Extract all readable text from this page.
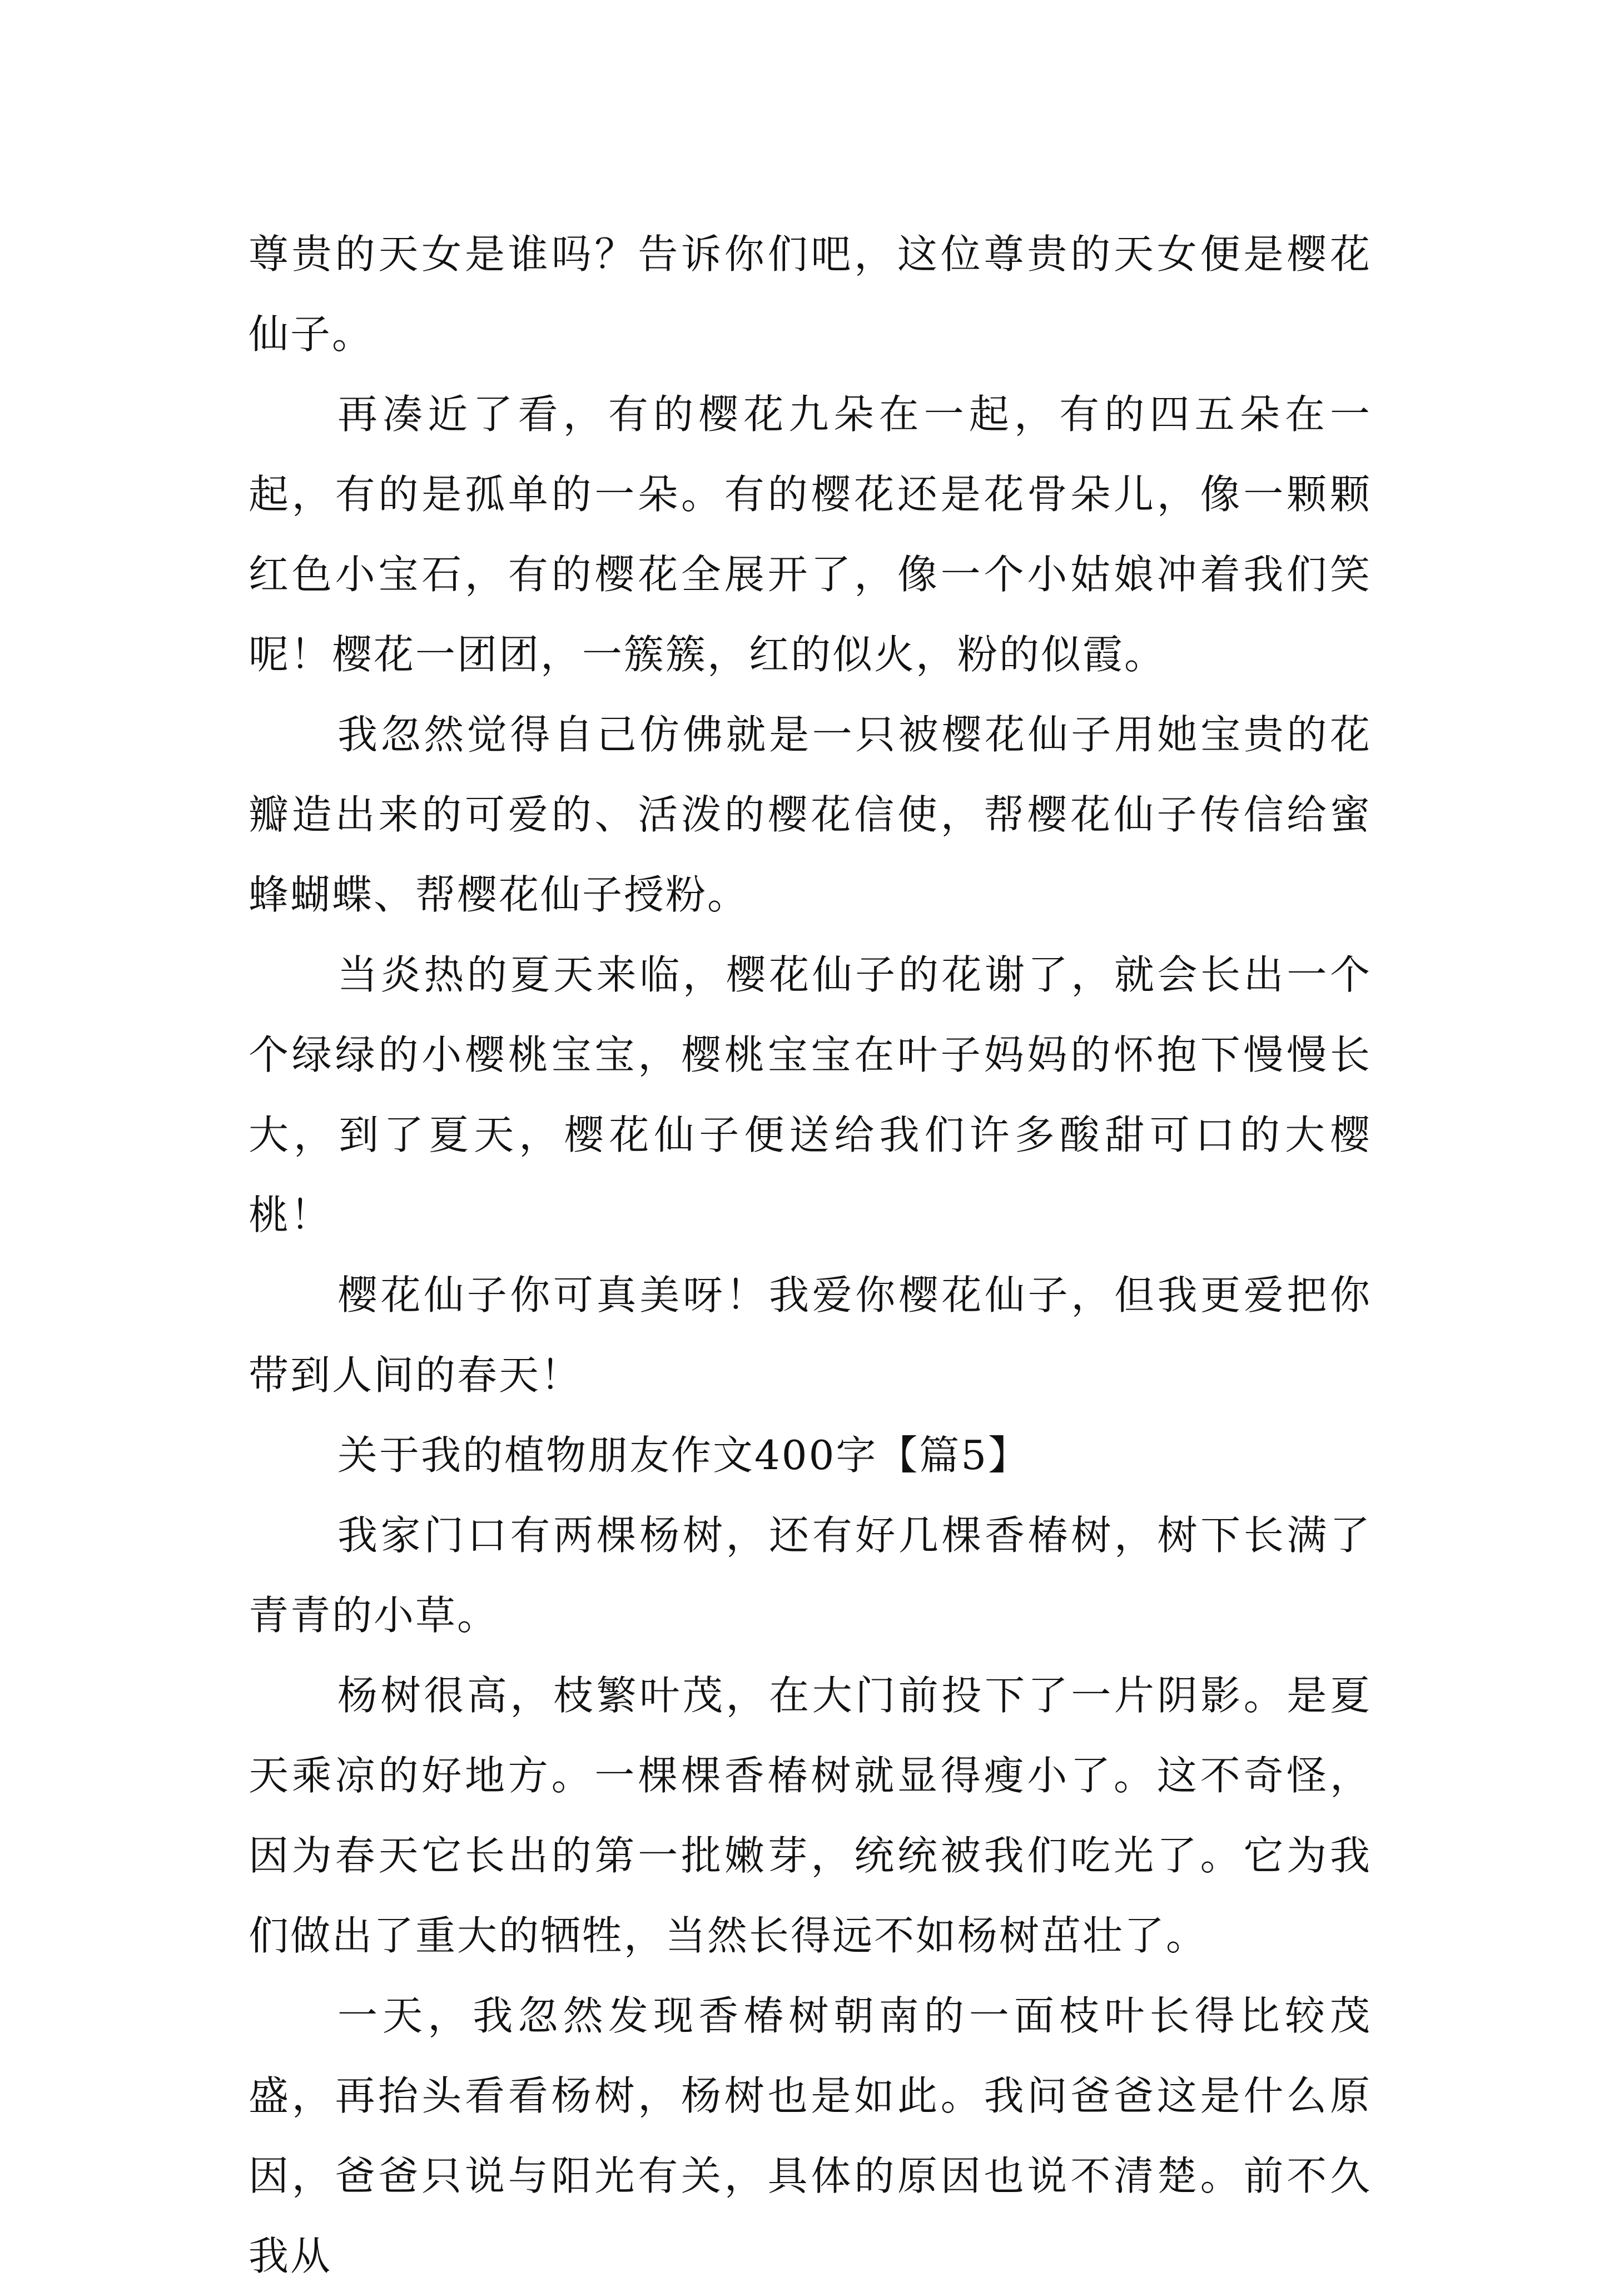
尊贵的天女是谁吗？告诉你们吧，这位尊贵的天女便是樱花仙子。

再凑近了看，有的樱花九朵在一起，有的四五朵在一起，有的是孤单的一朵。有的樱花还是花骨朵儿，像一颗颗红色小宝石，有的樱花全展开了，像一个小姑娘冲着我们笑呢！樱花一团团，一簇簇，红的似火，粉的似霞。

我忽然觉得自己仿佛就是一只被樱花仙子用她宝贵的花瓣造出来的可爱的、活泼的樱花信使，帮樱花仙子传信给蜜蜂蝴蝶、帮樱花仙子授粉。

当炎热的夏天来临，樱花仙子的花谢了，就会长出一个个绿绿的小樱桃宝宝，樱桃宝宝在叶子妈妈的怀抱下慢慢长大，到了夏天，樱花仙子便送给我们许多酸甜可口的大樱桃！

樱花仙子你可真美呀！我爱你樱花仙子，但我更爱把你带到人间的春天！

关于我的植物朋友作文400字【篇5】

我家门口有两棵杨树，还有好几棵香椿树，树下长满了青青的小草。

杨树很高，枝繁叶茂，在大门前投下了一片阴影。是夏天乘凉的好地方。一棵棵香椿树就显得瘦小了。这不奇怪，因为春天它长出的第一批嫩芽，统统被我们吃光了。它为我们做出了重大的牺牲，当然长得远不如杨树茁壮了。

一天，我忽然发现香椿树朝南的一面枝叶长得比较茂盛，再抬头看看杨树，杨树也是如此。我问爸爸这是什么原因，爸爸只说与阳光有关，具体的原因也说不清楚。前不久我从
